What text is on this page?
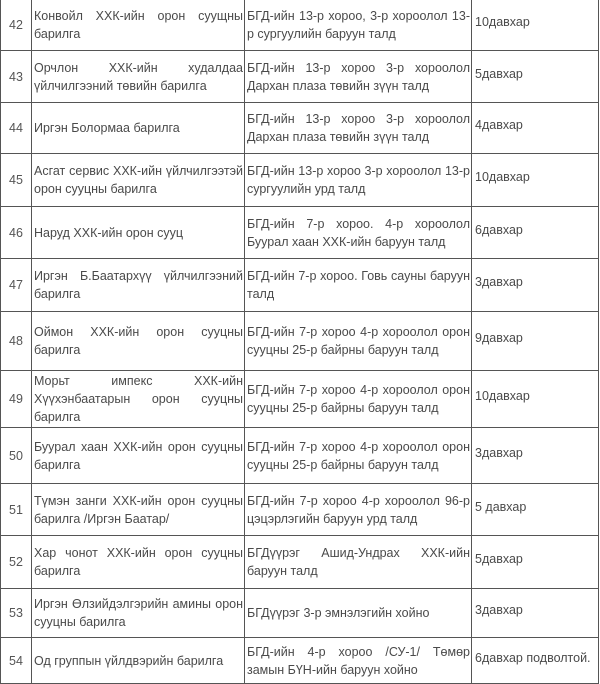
42	Конвойл ХХК-ийн орон суущны барилга	БГД-ийн 13-р хороо, 3-р хороолол 13-р сургуулийн баруун талд	10давхар
43	Орчлон ХХК-ийн худалдаа үйлчилгээний төвийн барилга	БГД-ийн 13-р хороо 3-р хороолол Дархан плаза төвийн зүүн талд	5давхар
44	Иргэн Болормаа барилга	БГД-ийн 13-р хороо 3-р хороолол Дархан плаза төвийн зүүн талд	4давхар
45	Асгат сервис ХХК-ийн үйлчилгээтэй орон сууцны барилга	БГД-ийн 13-р хороо 3-р хороолол 13-р сургуулийн урд талд	10давхар
46	Наруд ХХК-ийн орон сууц	БГД-ийн 7-р хороо. 4-р хороолол Буурал хаан ХХК-ийн баруун талд	6давхар
47	Иргэн Б.Баатархүү үйлчилгээний барилга	БГД-ийн 7-р хороо. Говь сауны баруун талд	3давхар
48	Оймон ХХК-ийн орон сууцны барилга	БГД-ийн 7-р хороо 4-р хороолол орон сууцны 25-р байрны баруун талд	9давхар
49	Морьт импекс ХХК-ийн Хүүхэнбаатарын орон сууцны барилга	БГД-ийн 7-р хороо 4-р хороолол орон сууцны 25-р байрны баруун талд	10давхар
50	Буурал хаан ХХК-ийн орон сууцны барилга	БГД-ийн 7-р хороо 4-р хороолол орон сууцны 25-р байрны баруун талд	3давхар
51	Түмэн занги ХХК-ийн орон сууцны барилга /Иргэн Баатар/	БГД-ийн 7-р хороо 4-р хороолол 96-р цэцэрлэгийн баруун урд талд	5 давхар
52	Хар чонот ХХК-ийн орон сууцны барилга	БГДүүрэг Ашид-Ундрах ХХК-ийн баруун талд	5давхар
53	Иргэн Өлзийдэлгэрийн амины орон сууцны барилга	БГДүүрэг 3-р эмнэлэгийн хойно	3давхар
54	Од группын үйлдвэрийн барилга	БГД-ийн 4-р хороо /СУ-1/ Төмөр замын БҮН-ийн баруун хойно	6давхар подволтой.
